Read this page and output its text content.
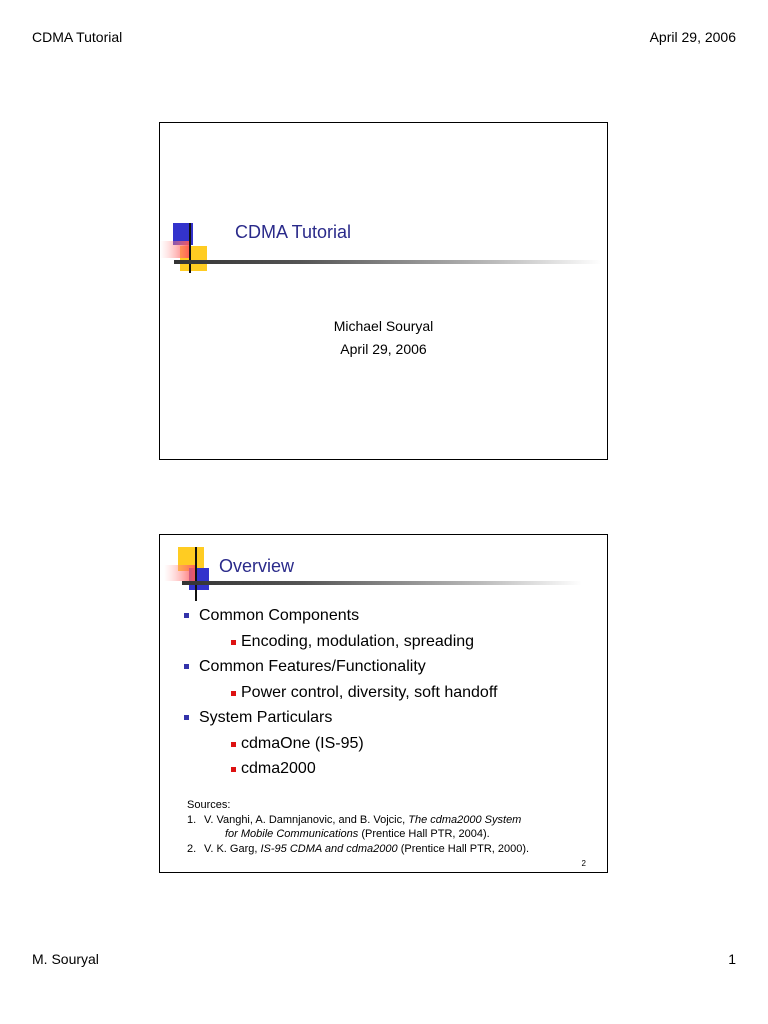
CDMA Tutorial	April 29, 2006
CDMA Tutorial
Michael Souryal
April 29, 2006
Overview
Common Components
Encoding, modulation, spreading
Common Features/Functionality
Power control, diversity, soft handoff
System Particulars
cdmaOne (IS-95)
cdma2000
Sources:
1. V. Vanghi, A. Damnjanovic, and B. Vojcic, The cdma2000 System
for Mobile Communications (Prentice Hall PTR, 2004).
2. V. K. Garg, IS-95 CDMA and cdma2000 (Prentice Hall PTR, 2000).
2
M. Souryal	1
